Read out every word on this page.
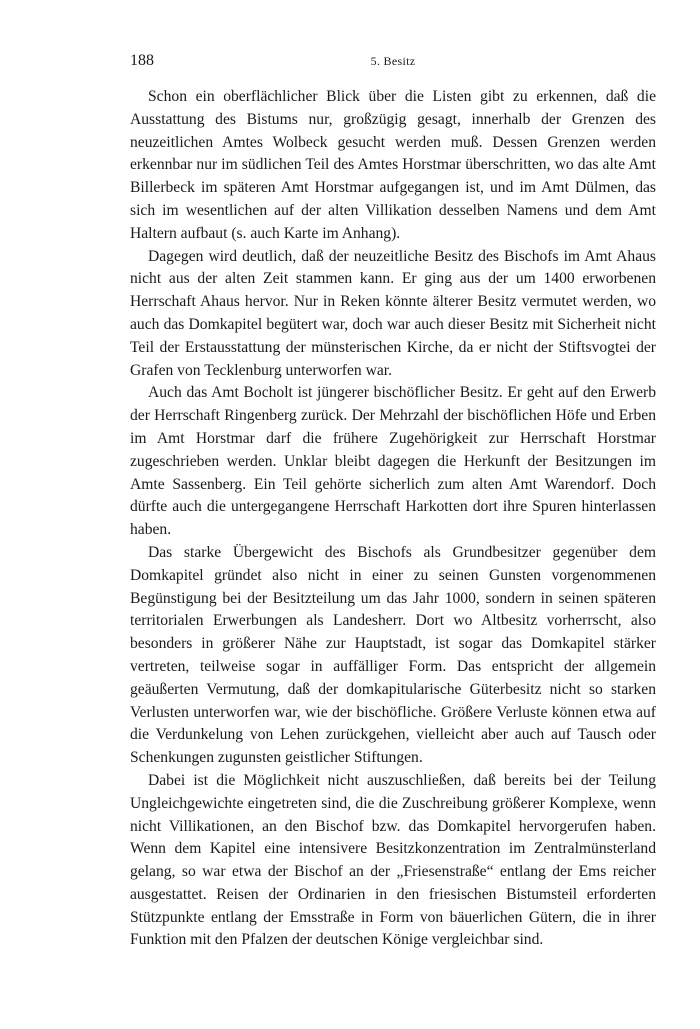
188	5. Besitz

Schon ein oberflächlicher Blick über die Listen gibt zu erkennen, daß die Ausstattung des Bistums nur, großzügig gesagt, innerhalb der Grenzen des neuzeitlichen Amtes Wolbeck gesucht werden muß. Dessen Grenzen werden erkennbar nur im südlichen Teil des Amtes Horstmar überschritten, wo das alte Amt Billerbeck im späteren Amt Horstmar aufgegangen ist, und im Amt Dülmen, das sich im wesentlichen auf der alten Villikation desselben Namens und dem Amt Haltern aufbaut (s. auch Karte im Anhang).

Dagegen wird deutlich, daß der neuzeitliche Besitz des Bischofs im Amt Ahaus nicht aus der alten Zeit stammen kann. Er ging aus der um 1400 erworbenen Herrschaft Ahaus hervor. Nur in Reken könnte älterer Besitz vermutet werden, wo auch das Domkapitel begütert war, doch war auch dieser Besitz mit Sicherheit nicht Teil der Erstausstattung der münsterischen Kirche, da er nicht der Stiftsvogtei der Grafen von Tecklenburg unterworfen war.

Auch das Amt Bocholt ist jüngerer bischöflicher Besitz. Er geht auf den Erwerb der Herrschaft Ringenberg zurück. Der Mehrzahl der bischöflichen Höfe und Erben im Amt Horstmar darf die frühere Zugehörigkeit zur Herrschaft Horstmar zugeschrieben werden. Unklar bleibt dagegen die Herkunft der Besitzungen im Amte Sassenberg. Ein Teil gehörte sicherlich zum alten Amt Warendorf. Doch dürfte auch die untergegangene Herrschaft Harkotten dort ihre Spuren hinterlassen haben.

Das starke Übergewicht des Bischofs als Grundbesitzer gegenüber dem Domkapitel gründet also nicht in einer zu seinen Gunsten vorgenommenen Begünstigung bei der Besitzteilung um das Jahr 1000, sondern in seinen späteren territorialen Erwerbungen als Landesherr. Dort wo Altbesitz vorherrscht, also besonders in größerer Nähe zur Hauptstadt, ist sogar das Domkapitel stärker vertreten, teilweise sogar in auffälliger Form. Das entspricht der allgemein geäußerten Vermutung, daß der domkapitularische Güterbesitz nicht so starken Verlusten unterworfen war, wie der bischöfliche. Größere Verluste können etwa auf die Verdunkelung von Lehen zurückgehen, vielleicht aber auch auf Tausch oder Schenkungen zugunsten geistlicher Stiftungen.

Dabei ist die Möglichkeit nicht auszuschließen, daß bereits bei der Teilung Ungleichgewichte eingetreten sind, die die Zuschreibung größerer Komplexe, wenn nicht Villikationen, an den Bischof bzw. das Domkapitel hervorgerufen haben. Wenn dem Kapitel eine intensivere Besitzkonzentration im Zentralmünsterland gelang, so war etwa der Bischof an der „Friesenstraße“ entlang der Ems reicher ausgestattet. Reisen der Ordinarien in den friesischen Bistumsteil erforderten Stützpunkte entlang der Emsstraße in Form von bäuerlichen Gütern, die in ihrer Funktion mit den Pfalzen der deutschen Könige vergleichbar sind.
